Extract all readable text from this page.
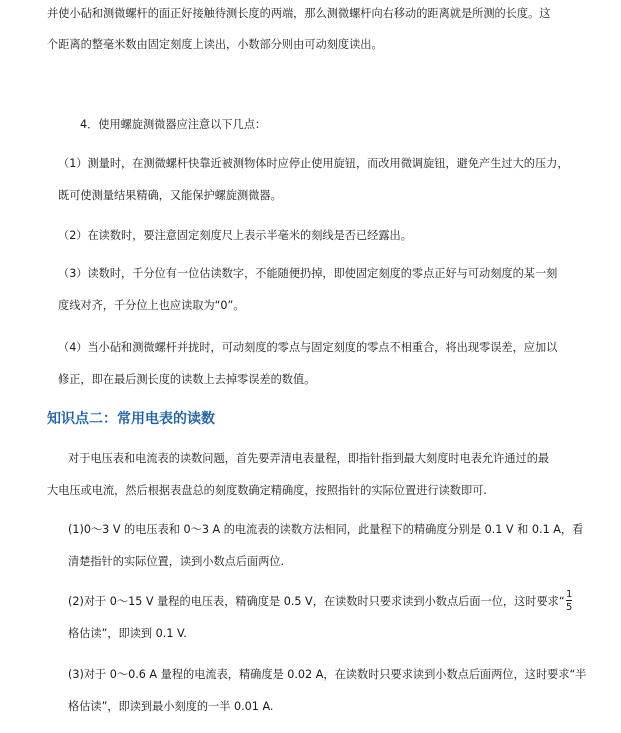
并使小砧和测微螺杆的面正好接触待测长度的两端，那么测微螺杆向右移动的距离就是所测的长度。这
个距离的整毫米数由固定刻度上读出，小数部分则由可动刻度读出。
4．使用螺旋测微器应注意以下几点：
（1）测量时，在测微螺杆快靠近被测物体时应停止使用旋钮，而改用微调旋钮，避免产生过大的压力，
既可使测量结果精确，又能保护螺旋测微器。
（2）在读数时，要注意固定刻度尺上表示半毫米的刻线是否已经露出。
（3）读数时，千分位有一位估读数字，不能随便扔掉，即使固定刻度的零点正好与可动刻度的某一刻
度线对齐，千分位上也应读取为“0”。
（4）当小砧和测微螺杆并拢时，可动刻度的零点与固定刻度的零点不相重合，将出现零误差，应加以
修正，即在最后测长度的读数上去掉零误差的数值。
知识点二：常用电表的读数
对于电压表和电流表的读数问题，首先要弄清电表量程，即指针指到最大刻度时电表允许通过的最
大电压或电流，然后根据表盘总的刻度数确定精确度，按照指针的实际位置进行读数即可.
(1)0～3 V 的电压表和 0～3 A 的电流表的读数方法相同，此量程下的精确度分别是 0.1 V 和 0.1 A，看
清楚指针的实际位置，读到小数点后面两位.
(2)对于 0～15 V 量程的电压表，精确度是 0.5 V，在读数时只要求读到小数点后面一位，这时要求“ $\frac{1}{5}$
格估读”，即读到 0.1 V.
(3)对于 0～0.6 A 量程的电流表，精确度是 0.02 A，在读数时只要求读到小数点后面两位，这时要求“半
格估读”，即读到最小刻度的一半 0.01 A.
